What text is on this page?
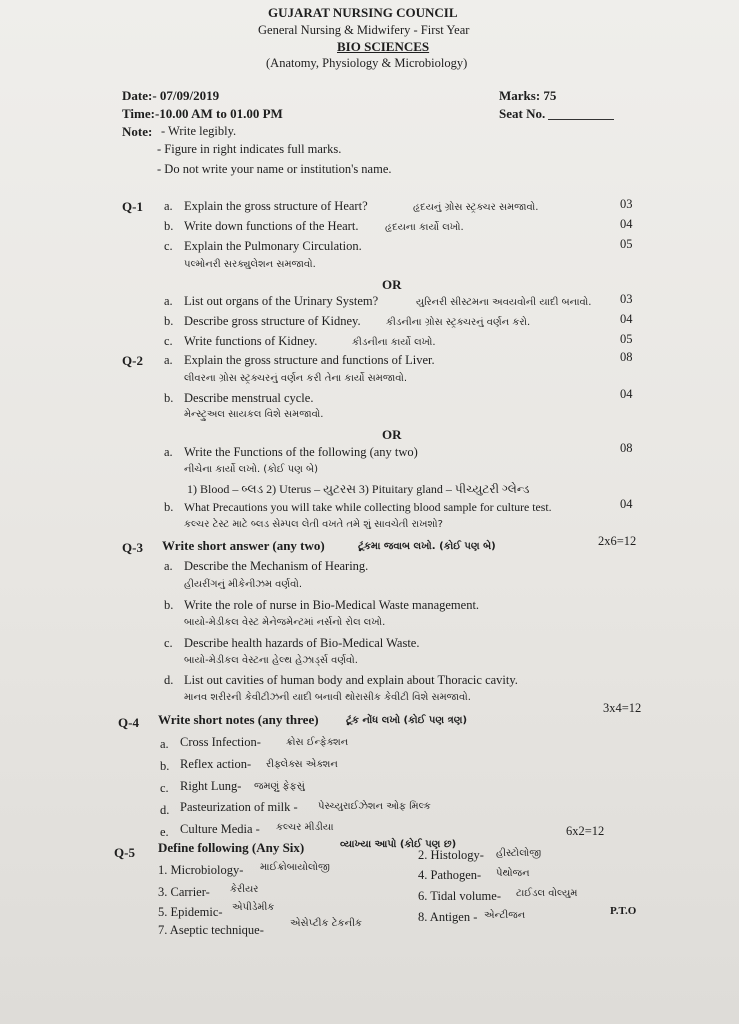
GUJARAT NURSING COUNCIL
General Nursing & Midwifery - First Year
BIO SCIENCES
(Anatomy, Physiology & Microbiology)
Date:- 07/09/2019	Marks: 75
Time:-10.00 AM to 01.00 PM	Seat No.
Note: - Write legibly.
- Figure in right indicates full marks.
- Do not write your name or institution's name.
Q-1 a. Explain the gross structure of Heart?	હૃદયનું ગ્રોસ સ્ટ્રક્ચર સમજાવો.	03
b. Write down functions of the Heart.	હૃદયના કાર્યો લખો.	04
c. Explain the Pulmonary Circulation.	05
પલ્મોનરી સરક્યુલેશન સમજાવો.
OR
a. List out organs of the Urinary System?	યુરિનરી સીસ્ટમના અવયવોની યાદી બનાવો. 03
b. Describe gross structure of Kidney.	કીડનીના ગ્રોસ સ્ટ્રક્ચરનું વર્ણન કરો.	04
c. Write functions of Kidney.	કીડનીના કાર્યો લખો.	05
Q-2 a. Explain the gross structure and functions of Liver.	08
લીવરના ગ્રોસ સ્ટ્રક્ચરનું વર્ણન કરી તેના કાર્યો સમજાવો.
b. Describe menstrual cycle.	04
મેન્સ્ટ્રુઅલ સાયકલ વિશે સમજાવો.
OR
a. Write the Functions of the following (any two)	08
નીચેના કાર્યો લખો. (કોઈ પણ બે)
1) Blood – બ્લડ 2) Uterus – યુટરસ 3) Pituitary gland – પીચ્યુટરી ગ્લેન્ડ
b. What Precautions you will take while collecting blood sample for culture test.	04
કલ્ચર ટેસ્ટ માટે બ્લડ સેમ્પલ લેતી વખતે તમે શું સાવચેતી રાખશો?
Q-3 Write short answer (any two)	ટૂંકમા જવાબ લખો. (કોઈ પણ બે)	2x6=12
a. Describe the Mechanism of Hearing.
હીયરીંગનું મીકેનીઝમ વર્ણવો.
b. Write the role of nurse in Bio-Medical Waste management.
બાયો-મેડીકલ વેસ્ટ મેનેજમેન્ટમાં નર્સનો રોલ લખો.
c. Describe health hazards of Bio-Medical Waste.
બાયો-મેડીકલ વેસ્ટના હેલ્થ હેઝાર્ડ્સ વર્ણવો.
d. List out cavities of human body and explain about Thoracic cavity.
માનવ શરીરની કેવીટીઝની યાદી બનાવી થોરાસીક કેવીટી વિશે સમજાવો.
Q-4 Write short notes (any three)	ટૂંક નોંધ લખો (કોઈ પણ ત્રણ)
3x4=12
a. Cross Infection-	ક્રોસ ઈન્ફેક્શન
b. Reflex action- રીફ્લેક્સ એક્શન
c. Right Lung- જમણું ફેફસું
d. Pasteurization of milk - પેસ્ચ્યુરાઈઝેશન ઓફ મિલ્ક
e. Culture Media - કલ્ચર મીડીયા
Q-5 Define following (Any Six)	વ્યાખ્યા આપો (કોઈ પણ છ)
6x2=12
1. Microbiology- માઈક્રોબાયોલોજી
2. Histology- હીસ્ટોલોજી
3. Carrier- કેરીયર
4. Pathogen- પેથોજન
5. Epidemic- એપીડેમીક
6. Tidal volume- ટાઈડલ વોલ્યુમ
7. Aseptic technique-	એસેપ્ટીક ટેકનીક	8. Antigen - એન્ટીજન	P.T.O
